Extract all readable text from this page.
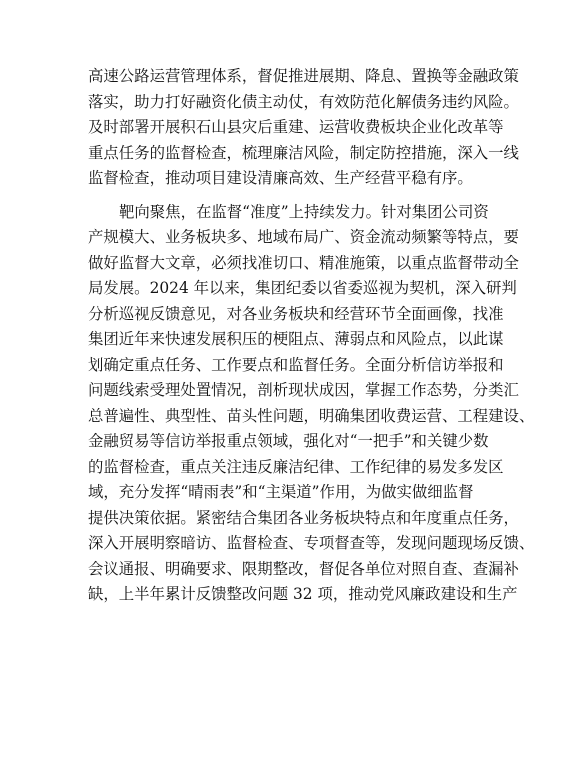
高速公路运营管理体系，督促推进展期、降息、置换等金融政策
落实，助力打好融资化债主动仗，有效防范化解债务违约风险。
及时部署开展积石山县灾后重建、运营收费板块企业化改革等
重点任务的监督检查，梳理廉洁风险，制定防控措施，深入一线
监督检查，推动项目建设清廉高效、生产经营平稳有序。
靶向聚焦，在监督“准度”上持续发力。针对集团公司资
产规模大、业务板块多、地域布局广、资金流动频繁等特点，要
做好监督大文章，必须找准切口、精准施策，以重点监督带动全
局发展。2024 年以来，集团纪委以省委巡视为契机，深入研判
分析巡视反馈意见，对各业务板块和经营环节全面画像，找准
集团近年来快速发展积压的梗阻点、薄弱点和风险点，以此谋
划确定重点任务、工作要点和监督任务。全面分析信访举报和
问题线索受理处置情况，剖析现状成因，掌握工作态势，分类汇
总普遍性、典型性、苗头性问题，明确集团收费运营、工程建设、
金融贸易等信访举报重点领域，强化对“一把手”和关键少数
的监督检查，重点关注违反廉洁纪律、工作纪律的易发多发区
域，充分发挥“晴雨表”和“主渠道”作用，为做实做细监督
提供决策依据。紧密结合集团各业务板块特点和年度重点任务，
深入开展明察暗访、监督检查、专项督查等，发现问题现场反馈、
会议通报、明确要求、限期整改，督促各单位对照自查、查漏补
缺，上半年累计反馈整改问题 32 项，推动党风廉政建设和生产
